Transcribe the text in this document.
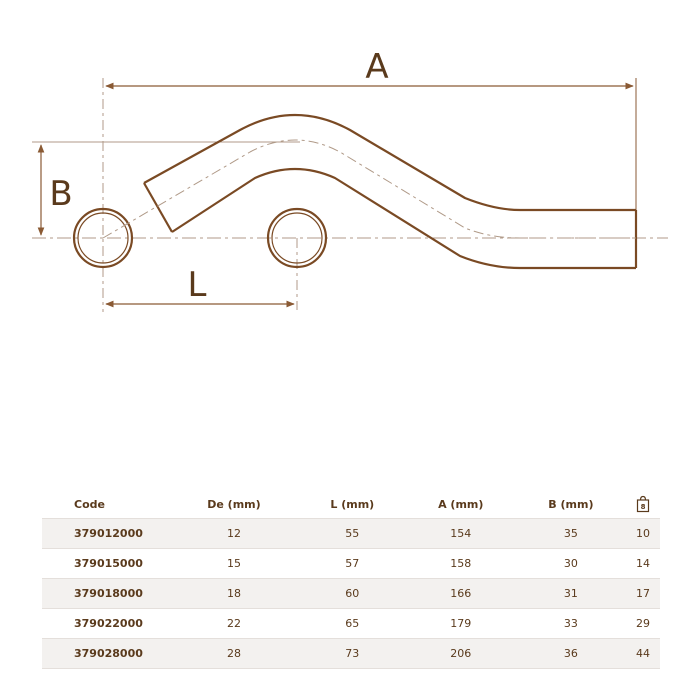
A
B
L
Code	De (mm)	L (mm)	A (mm)	B (mm)	8

379012000	12	55	154	35	10
379015000	15	57	158	30	14
379018000	18	60	166	31	17
379022000	22	65	179	33	29
379028000	28	73	206	36	44
